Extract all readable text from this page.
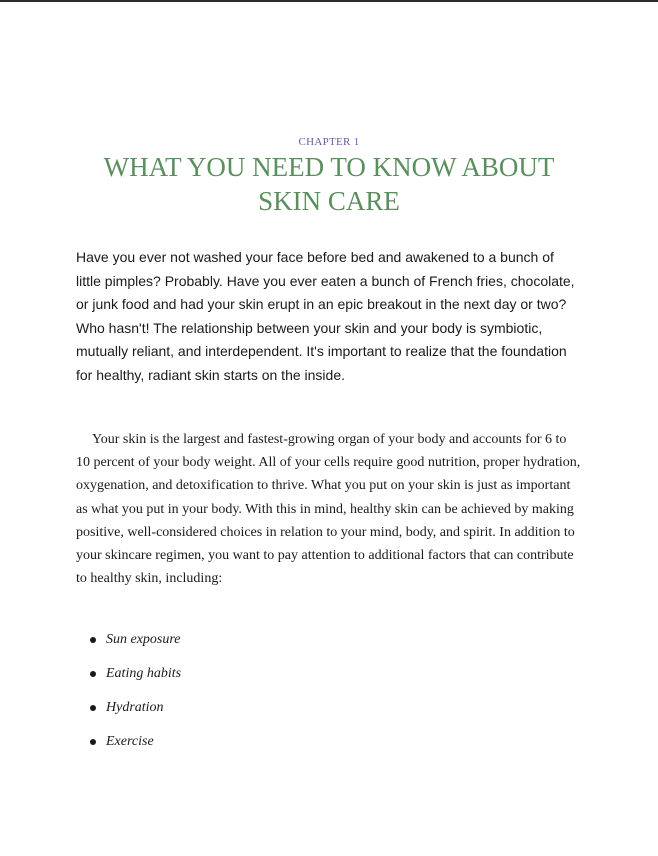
CHAPTER 1
WHAT YOU NEED TO KNOW ABOUT SKIN CARE

Have you ever not washed your face before bed and awakened to a bunch of little pimples? Probably. Have you ever eaten a bunch of French fries, chocolate, or junk food and had your skin erupt in an epic breakout in the next day or two? Who hasn't! The relationship between your skin and your body is symbiotic, mutually reliant, and interdependent. It's important to realize that the foundation for healthy, radiant skin starts on the inside.

Your skin is the largest and fastest-growing organ of your body and accounts for 6 to 10 percent of your body weight. All of your cells require good nutrition, proper hydration, oxygenation, and detoxification to thrive. What you put on your skin is just as important as what you put in your body. With this in mind, healthy skin can be achieved by making positive, well-considered choices in relation to your mind, body, and spirit. In addition to your skincare regimen, you want to pay attention to additional factors that can contribute to healthy skin, including:

Sun exposure
Eating habits
Hydration
Exercise
